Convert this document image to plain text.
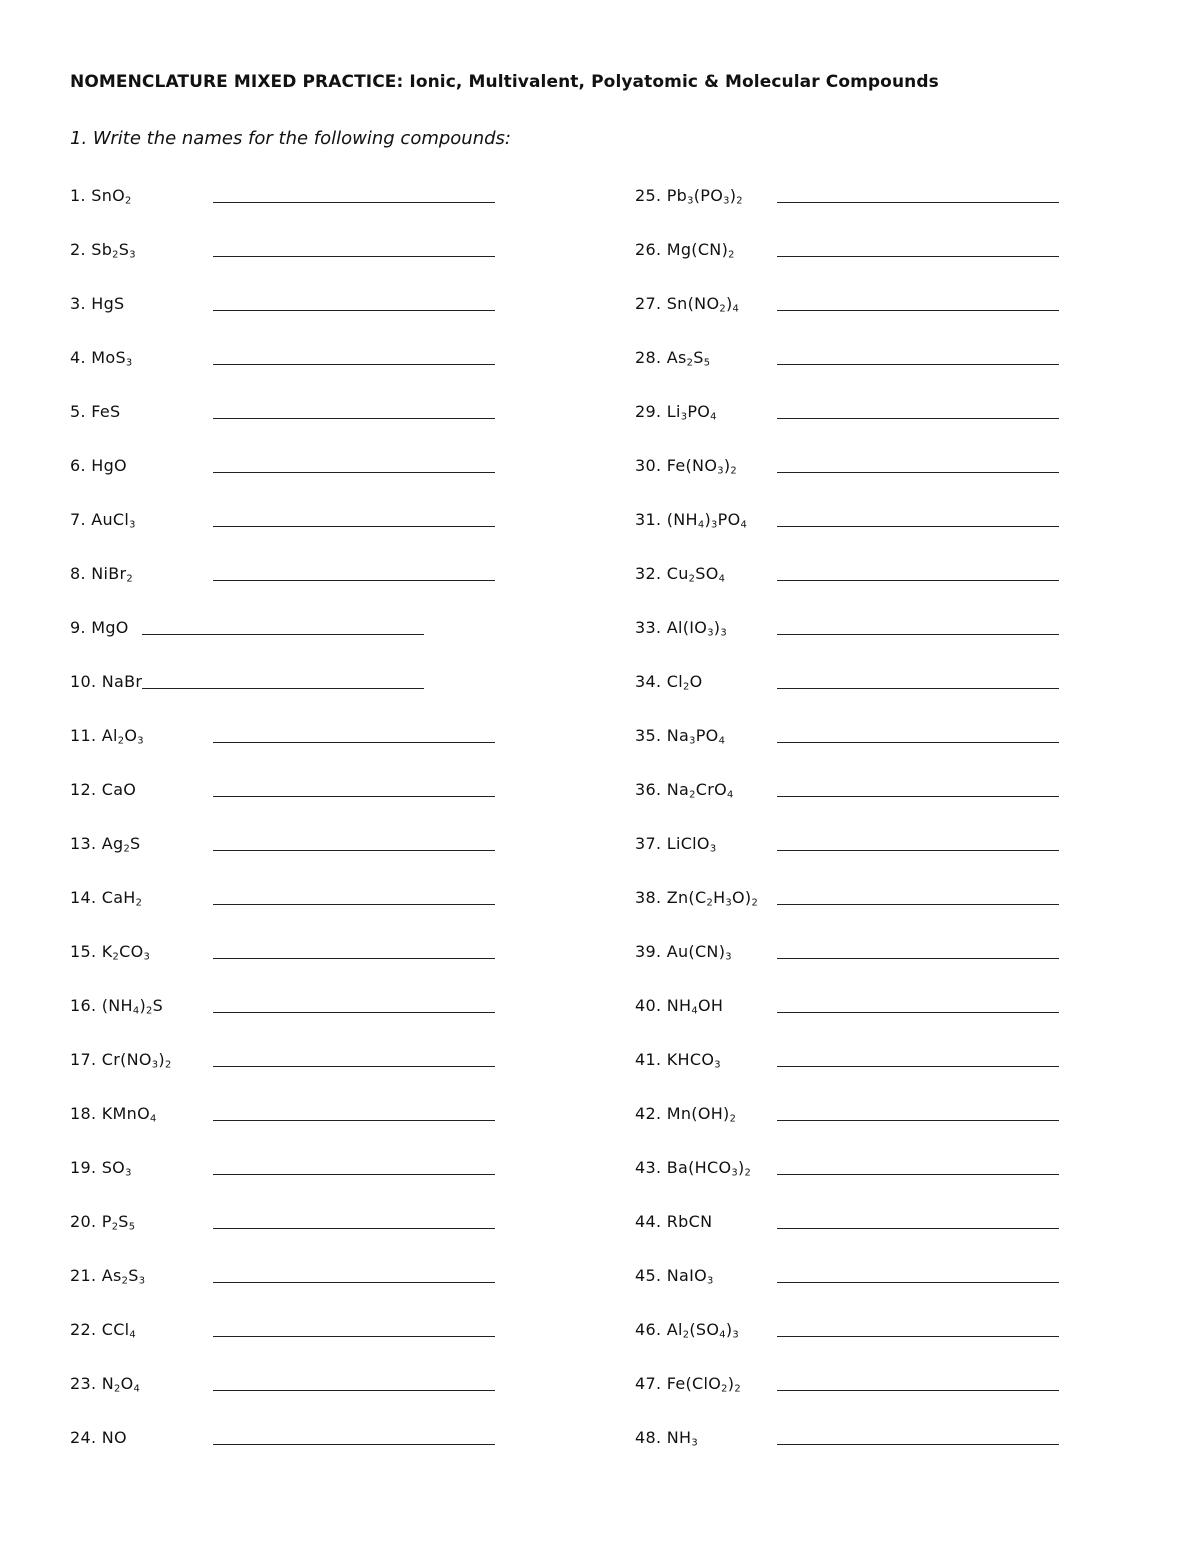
NOMENCLATURE MIXED PRACTICE: Ionic, Multivalent, Polyatomic & Molecular Compounds
1. Write the names for the following compounds:
1. SnO$_2$
2. $Sb_2S_3$
3. HgS
4. MoS$_3$
5. FeS
6. HgO
7. AuCl$_3$
8. NiBr$_2$
9. MgO
10. NaBr
11. $Al_2O_3$
12. CaO
13. $Ag_2S$
14. CaH$_2$
15. $K_2CO_3$
16. $(NH_4)_2S$
17. $Cr(NO_3)_2$
18. KMnO$_4$
19. $SO_3$
20. $P_2S_5$
21. $As_2S_3$
22. CCl$_4$
23. $N_2O_4$
24. NO
25. $Pb_3(PO_3)_2$
26. $Mg(CN)_2$
27. $Sn(NO_2)_4$
28. $As_2S_5$
29. $Li_3PO_4$
30. $Fe(NO_3)_2$
31. $(NH_4)_3PO_4$
32. $Cu_2SO_4$
33. $Al(IO_3)_3$
34. $Cl_2O$
35. $Na_3PO_4$
36. $Na_2CrO_4$
37. LiClO$_3$
38. $Zn(C_2H_3O)_2$
39. $Au(CN)_3$
40. $NH_4OH$
41. $KHCO_3$
42. $Mn(OH)_2$
43. $Ba(HCO_3)_2$
44. RbCN
45. NaIO$_3$
46. $Al_2(SO_4)_3$
47. $Fe(ClO_2)_2$
48. $NH_3$
